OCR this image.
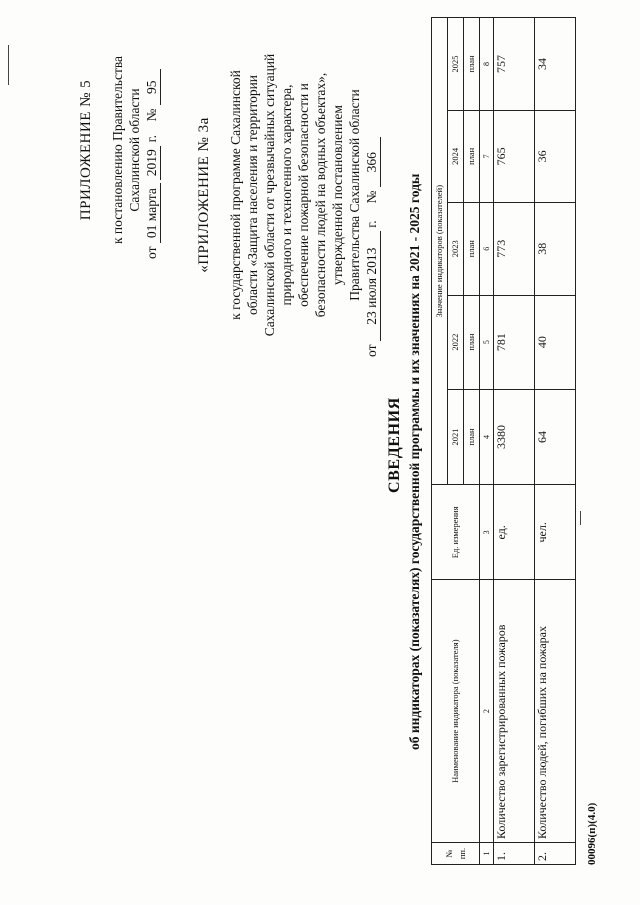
ПРИЛОЖЕНИЕ № 5 к постановлению Правительства Сахалинской области
от 01 марта 2019 г.    № 95
«ПРИЛОЖЕНИЕ № 3а к государственной программе Сахалинской области «Защита населения и территории Сахалинской области от чрезвычайных ситуаций природного и техногенного характера, обеспечение пожарной безопасности и безопасности людей на водных объектах», утвержденной постановлением Правительства Сахалинской области
от 23 июля 2013 г.     № 366
СВЕДЕНИЯ об индикаторах (показателях) государственной программы и их значениях на 2021 - 2025 годы
№ пп.	Наименование индикатора (показателя)	Ед. измерения	Значение индикаторов (показателей)				
			2021	2022	2023	2024	2025
			план	план	план	план	план
1	2	3	4	5	6	7	8
1.	Количество зарегистрированных пожаров	ед.	3380	781	773	765	757
2.	Количество людей, погибших на пожарах	чел.	64	40	38	36	34
00096(п)(4.0)
